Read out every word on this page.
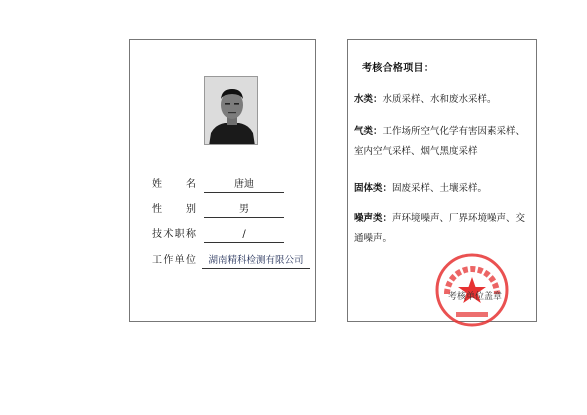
姓名	唐迪
性别	男
技术职称	/
工作单位	湖南精科检测有限公司
考核合格项目：
水类：水质采样、水和废水采样。
气类：工作场所空气化学有害因素采样、室内空气采样、烟气黑度采样
固体类：固废采样、土壤采样。
噪声类：声环境噪声、厂界环境噪声、交通噪声。
考核单位盖章
